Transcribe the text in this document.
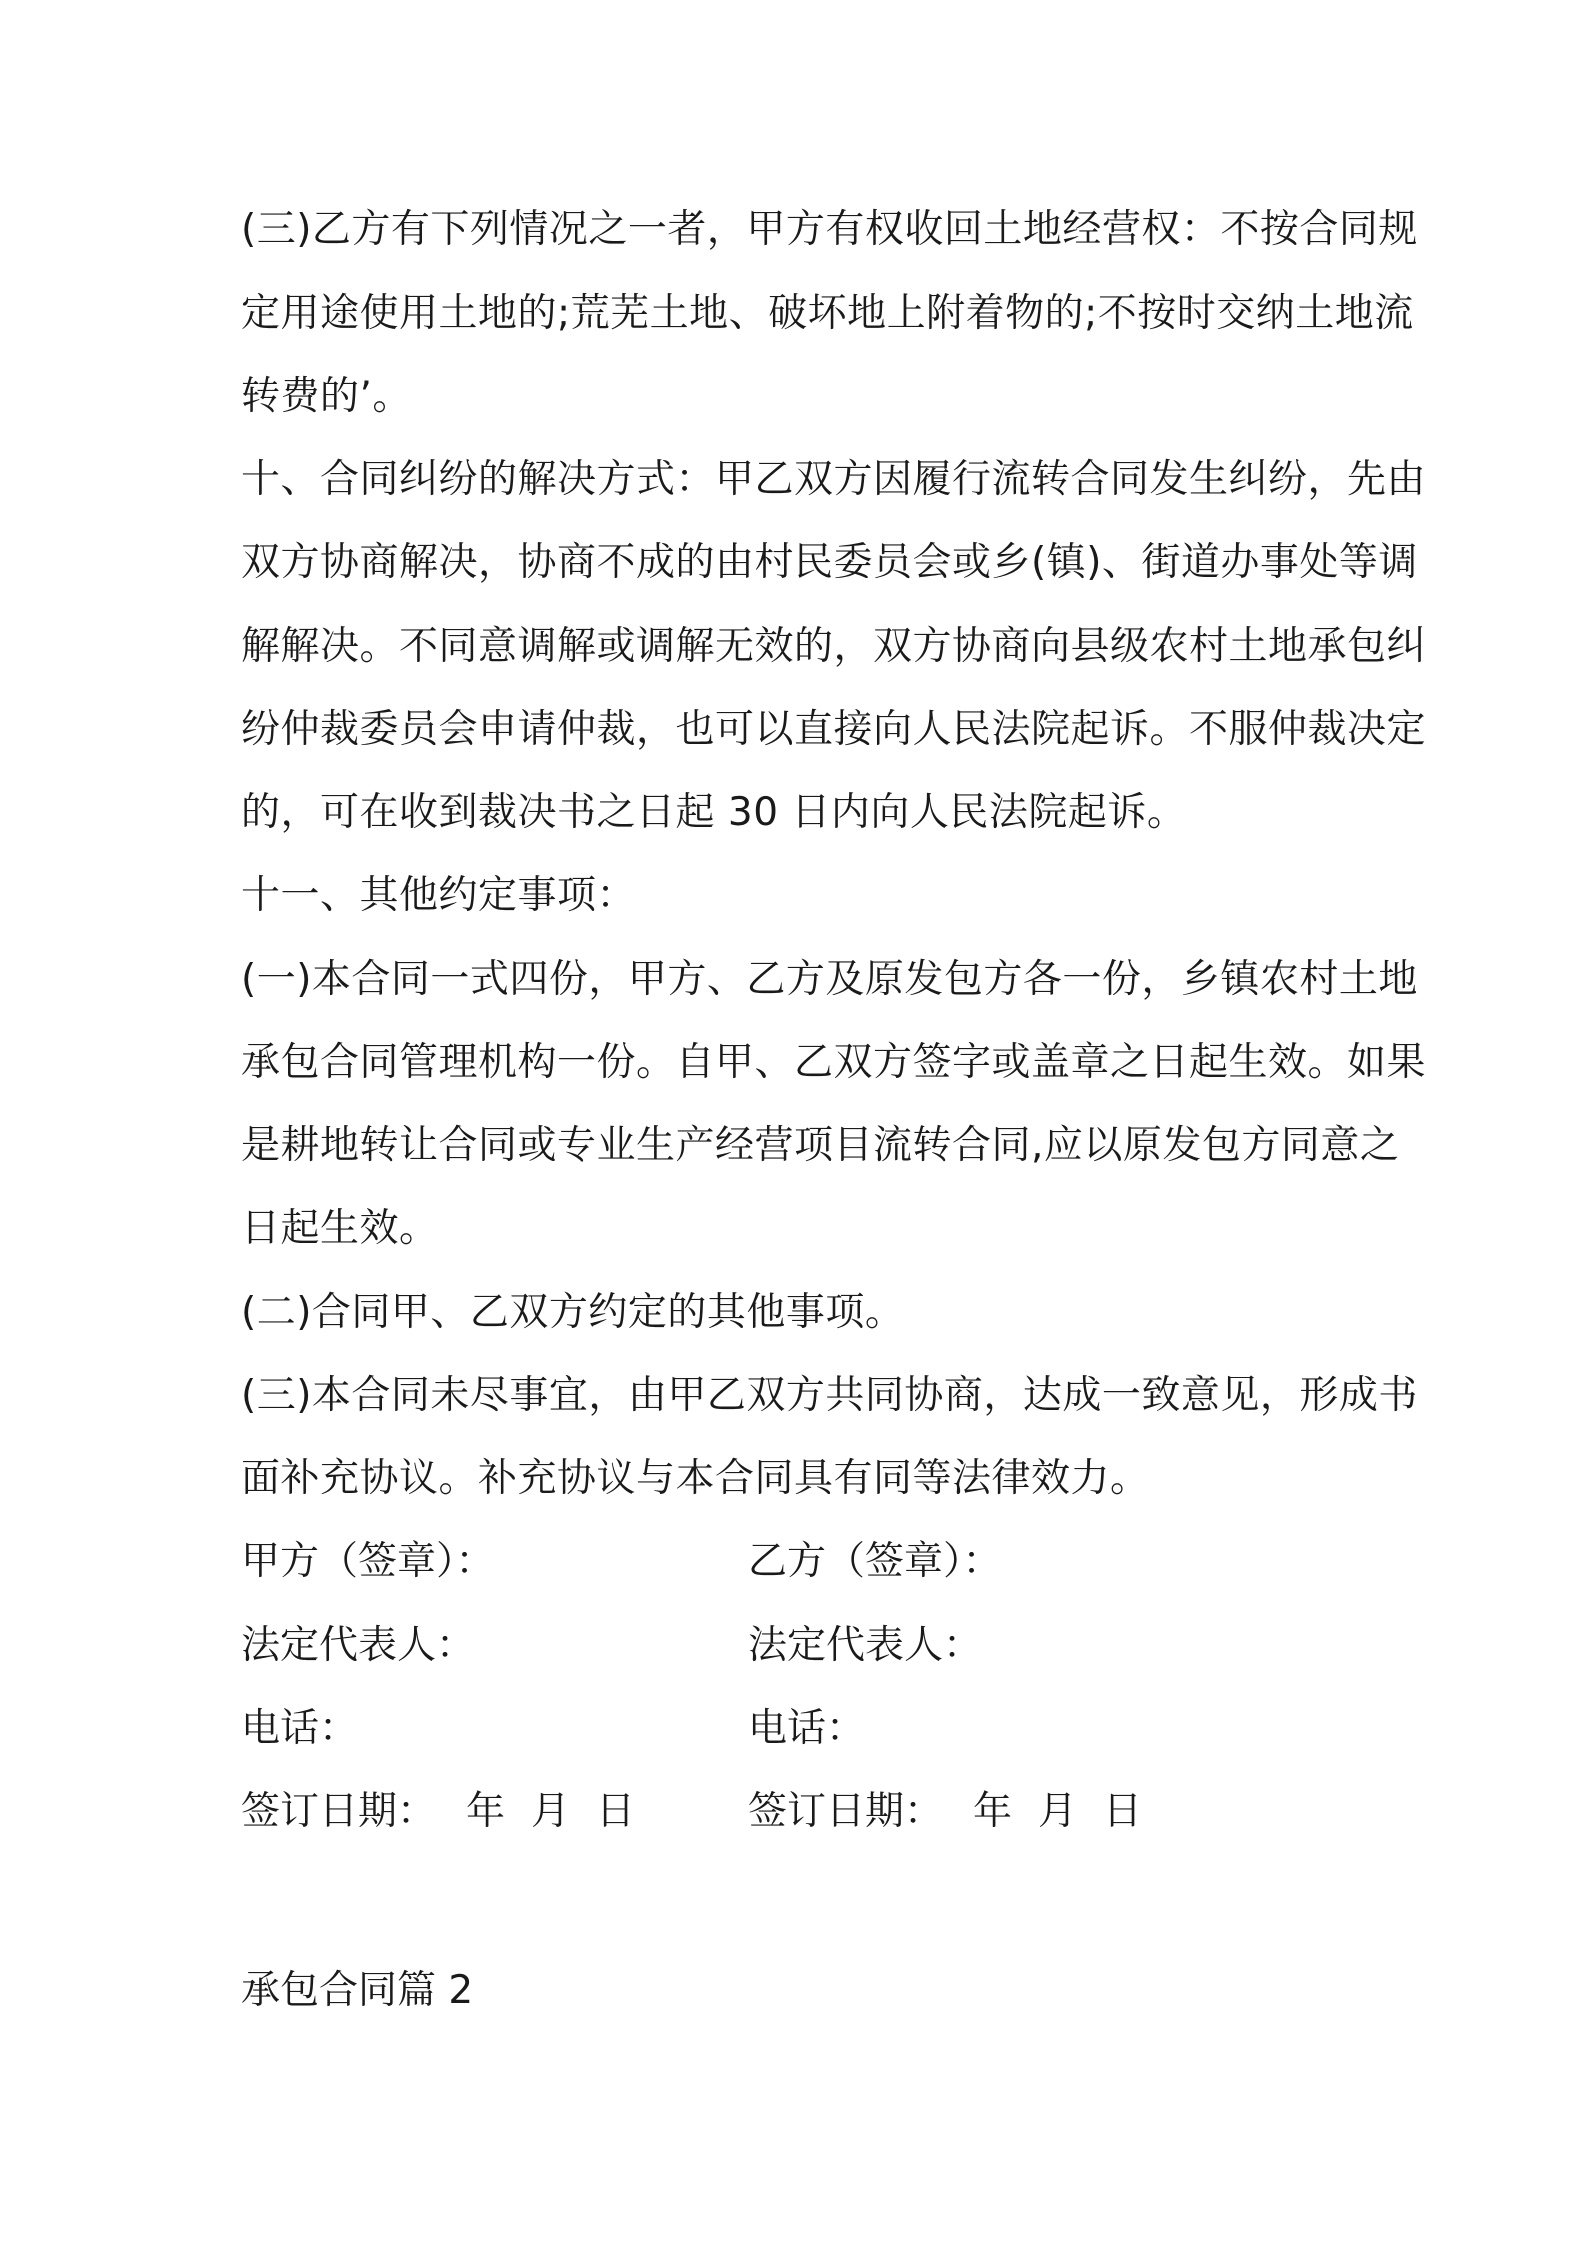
(三)乙方有下列情况之一者，甲方有权收回土地经营权：不按合同规
定用途使用土地的;荒芜土地、破坏地上附着物的;不按时交纳土地流
转费的’。
十、合同纠纷的解决方式：甲乙双方因履行流转合同发生纠纷，先由
双方协商解决，协商不成的由村民委员会或乡(镇)、街道办事处等调
解解决。不同意调解或调解无效的，双方协商向县级农村土地承包纠
纷仲裁委员会申请仲裁，也可以直接向人民法院起诉。不服仲裁决定
的，可在收到裁决书之日起 30 日内向人民法院起诉。
十一、其他约定事项：
(一)本合同一式四份，甲方、乙方及原发包方各一份，乡镇农村土地
承包合同管理机构一份。自甲、乙双方签字或盖章之日起生效。如果
是耕地转让合同或专业生产经营项目流转合同,应以原发包方同意之
日起生效。
(二)合同甲、乙双方约定的其他事项。
(三)本合同未尽事宜，由甲乙双方共同协商，达成一致意见，形成书
面补充协议。补充协议与本合同具有同等法律效力。
甲方（签章）：
法定代表人：
电话：
签订日期： 年 月 日
乙方（签章）：
法定代表人：
电话：
签订日期： 年 月 日
承包合同篇 2
